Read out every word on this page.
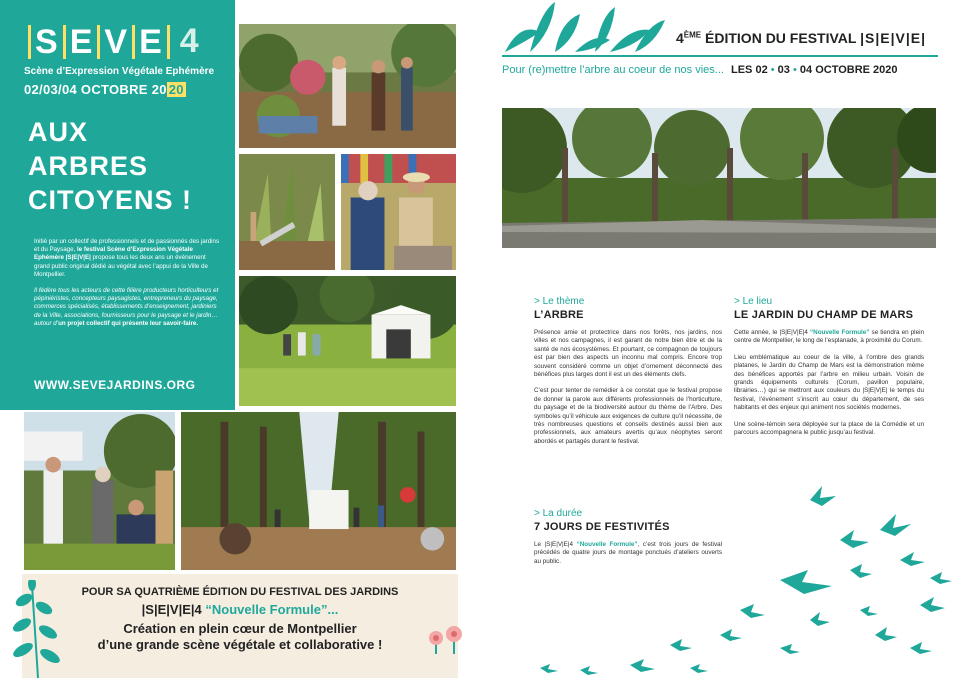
S E V E 4
Scène d’Expression Végétale Ephémère
02/03/04 OCTOBRE 20 20
AUX
ARBRES
CITOYENS !

Initié par un collectif de professionnels et de passionnés des jardins et du Paysage, le festival Scène d’Expression Végétale Ephémère |S|E|V|E| propose tous les deux ans un événement grand public original dédié au végétal avec l’appui de la Ville de Montpellier.

Il fédère tous les acteurs de cette filière producteurs horticulteurs et pépiniéristes, concepteurs paysagistes, entrepreneurs du paysage, commerces spécialisés, établissements d’enseignement, jardiniers de la Ville, associations, fournisseurs pour le paysage et le jardin… autour d’un projet collectif qui présente leur savoir-faire.

WWW.SEVEJARDINS.ORG
POUR SA QUATRIÈME ÉDITION DU FESTIVAL DES JARDINS
|S|E|V|E|4 “Nouvelle Formule”...
Création en plein cœur de Montpellier
d’une grande scène végétale et collaborative !
4ÈME ÉDITION DU FESTIVAL |S|E|V|E|
Pour (re)mettre l’arbre au coeur de nos vies... LES 02 • 03 • 04 OCTOBRE 2020
> Le thème
L’ARBRE

Présence amie et protectrice dans nos forêts, nos jardins, nos villes et nos campagnes, il est garant de notre bien être et de la santé de nos écosystèmes. Et pourtant, ce compagnon de toujours est par bien des aspects un inconnu mal compris. Encore trop souvent considéré comme un objet d’ornement déconnecté des bénéfices plus larges dont il est un des éléments clefs.

C’est pour tenter de remédier à ce constat que le festival propose de donner la parole aux différents professionnels de l’horticulture, du paysage et de la biodiversité autour du thème de l’Arbre. Des symboles qu’il véhicule aux exigences de culture qu’il nécessite, de très nombreuses questions et conseils destinés aussi bien aux professionnels, aux amateurs avertis qu’aux néophytes seront abordés et partagés durant le festival.

> Le lieu
LE JARDIN DU CHAMP DE MARS

Cette année, le |S|E|V|E|4 “Nouvelle Formule” se tiendra en plein centre de Montpellier, le long de l’esplanade, à proximité du Corum.

Lieu emblématique au coeur de la ville, à l’ombre des grands platanes, le Jardin du Champ de Mars est la démonstration même des bénéfices apportés par l’arbre en milieu urbain. Voisin de grands équipements culturels (Corum, pavillon populaire, librairies…) qui se mettront aux couleurs du |S|E|V|E| le temps du festival, l’événement s’inscrit au cœur du département, de ses habitants et des enjeux qui animent nos sociétés modernes.

Une scène-témoin sera déployée sur la place de la Comédie et un parcours accompagnera le public jusqu’au festival.

> La durée
7 JOURS DE FESTIVITÉS

Le |S|E|V|E|4 “Nouvelle Formule”, c’est trois jours de festival précédés de quatre jours de montage ponctués d’ateliers ouverts au public.
